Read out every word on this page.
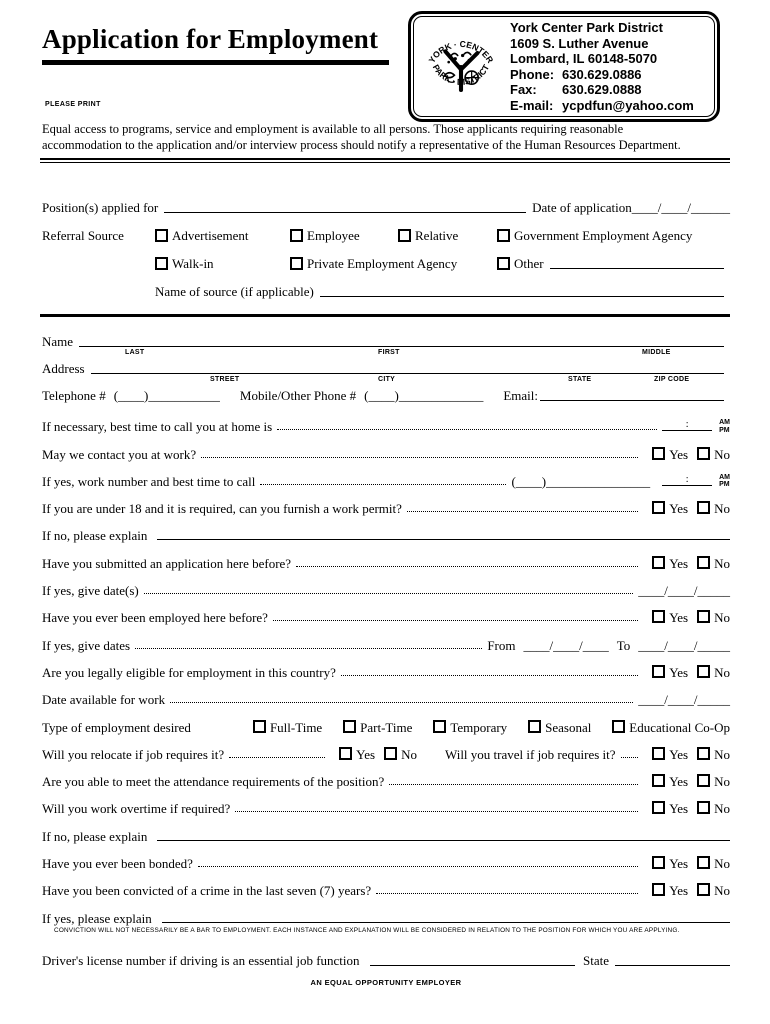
Application for Employment
PLEASE PRINT
YORK · CENTER
PARK · DISTRICT
York Center Park District
1609 S. Luther Avenue
Lombard, IL 60148-5070
Phone: 630.629.0886
Fax: 630.629.0888
E-mail: ycpdfun@yahoo.com
Equal access to programs, service and employment is available to all persons. Those applicants requiring reasonable accommodation to the application and/or interview process should notify a representative of the Human Resources Department.
Position(s) applied for	Date of application ____/____/______
Referral Source	Advertisement	Employee	Relative	Government Employment Agency
Walk-in	Private Employment Agency	Other
Name of source (if applicable)
Name
LAST	FIRST	MIDDLE
Address
STREET	CITY	STATE	ZIP CODE
Telephone # (____)___________ Mobile/Other Phone # (____)_____________ Email:
If necessary, best time to call you at home is	:	AM
PM
May we contact you at work?	Yes No
If yes, work number and best time to call	(____)________________	:	AM
PM
If you are under 18 and it is required, can you furnish a work permit?	Yes No
If no, please explain
Have you submitted an application here before?	Yes No
If yes, give date(s)	____/____/_____
Have you ever been employed here before?	Yes No
If yes, give dates	From ____/____/____ To ____/____/_____
Are you legally eligible for employment in this country?	Yes No
Date available for work	____/____/_____
Type of employment desired	Full-Time	Part-Time	Temporary	Seasonal	Educational Co-Op
Will you relocate if job requires it?	Yes No Will you travel if job requires it?	Yes No
Are you able to meet the attendance requirements of the position?	Yes No
Will you work overtime if required?	Yes No
If no, please explain
Have you ever been bonded?	Yes No
Have you been convicted of a crime in the last seven (7) years?	Yes No
If yes, please explain
CONVICTION WILL NOT NECESSARILY BE A BAR TO EMPLOYMENT. EACH INSTANCE AND EXPLANATION WILL BE CONSIDERED IN RELATION TO THE POSITION FOR WHICH YOU ARE APPLYING.
Driver's license number if driving is an essential job function	State
AN EQUAL OPPORTUNITY EMPLOYER
